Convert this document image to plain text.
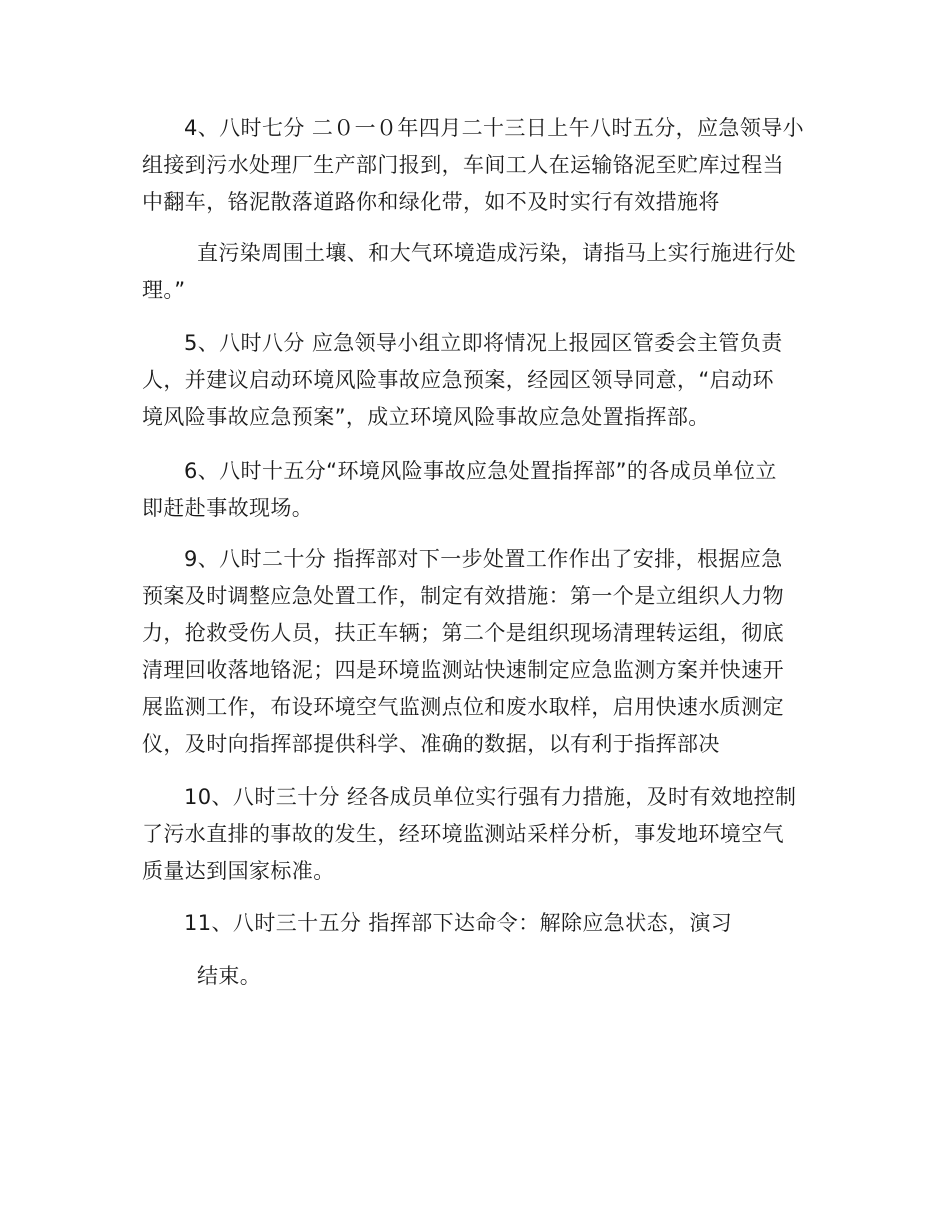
4、八时七分 二０一０年四月二十三日上午八时五分，应急领导小
组接到污水处理厂生产部门报到，车间工人在运输铬泥至贮库过程当
中翻车，铬泥散落道路你和绿化带，如不及时实行有效措施将
直污染周围土壤、和大气环境造成污染，请指马上实行施进行处
理。”
5、八时八分 应急领导小组立即将情况上报园区管委会主管负责
人，并建议启动环境风险事故应急预案，经园区领导同意，“启动环
境风险事故应急预案”，成立环境风险事故应急处置指挥部。
6、八时十五分“环境风险事故应急处置指挥部”的各成员单位立
即赶赴事故现场。
9、八时二十分 指挥部对下一步处置工作作出了安排，根据应急
预案及时调整应急处置工作，制定有效措施：第一个是立组织人力物
力，抢救受伤人员，扶正车辆；第二个是组织现场清理转运组，彻底
清理回收落地铬泥；四是环境监测站快速制定应急监测方案并快速开
展监测工作，布设环境空气监测点位和废水取样，启用快速水质测定
仪，及时向指挥部提供科学、准确的数据，以有利于指挥部决
10、八时三十分 经各成员单位实行强有力措施，及时有效地控制
了污水直排的事故的发生，经环境监测站采样分析，事发地环境空气
质量达到国家标准。
11、八时三十五分 指挥部下达命令：解除应急状态，演习
结束。
